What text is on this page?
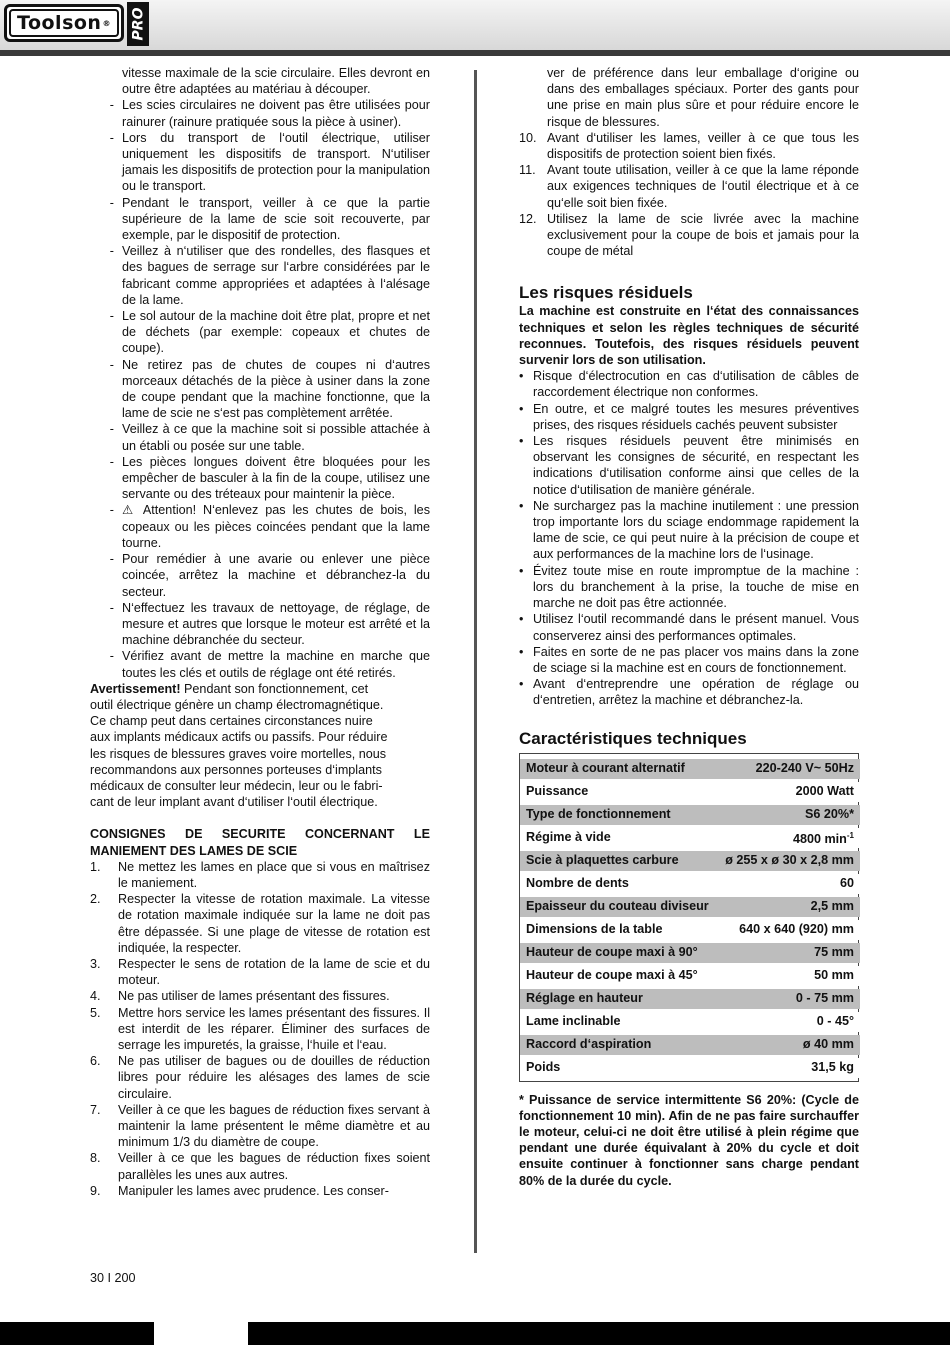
Toolson ® PRO
vitesse maximale de la scie circulaire. Elles devront en outre être adaptées au matériau à découper.
- Les scies circulaires ne doivent pas être utilisées pour rainurer (rainure pratiquée sous la pièce à usiner).
- Lors du transport de l‘outil électrique, utiliser uniquement les dispositifs de transport. N‘utiliser jamais les dispositifs de protection pour la manipulation ou le transport.
- Pendant le transport, veiller à ce que la partie supérieure de la lame de scie soit recouverte, par exemple, par le dispositif de protection.
- Veillez à n‘utiliser que des rondelles, des flasques et des bagues de serrage sur l‘arbre considérées par le fabricant comme appropriées et adaptées à l‘alésage de la lame.
- Le sol autour de la machine doit être plat, propre et net de déchets (par exemple: copeaux et chutes de coupe).
- Ne retirez pas de chutes de coupes ni d‘autres morceaux détachés de la pièce à usiner dans la zone de coupe pendant que la machine fonctionne, que la lame de scie ne s‘est pas complètement arrêtée.
- Veillez à ce que la machine soit si possible attachée à un établi ou posée sur une table.
- Les pièces longues doivent être bloquées pour les empêcher de basculer à la fin de la coupe, utilisez une servante ou des tréteaux pour maintenir la pièce.
- ⚠ Attention! N‘enlevez pas les chutes de bois, les copeaux ou les pièces coincées pendant que la lame tourne.
- Pour remédier à une avarie ou enlever une pièce coincée, arrêtez la machine et débranchez-la du secteur.
- N‘effectuez les travaux de nettoyage, de réglage, de mesure et autres que lorsque le moteur est arrêté et la machine débranchée du secteur.
- Vérifiez avant de mettre la machine en marche que toutes les clés et outils de réglage ont été retirés.

Avertissement! Pendant son fonctionnement, cet
outil électrique génère un champ électromagnétique.
Ce champ peut dans certaines circonstances nuire
aux implants médicaux actifs ou passifs. Pour réduire
les risques de blessures graves voire mortelles, nous
recommandons aux personnes porteuses d‘implants
médicaux de consulter leur médecin, leur ou le fabri-
cant de leur implant avant d‘utiliser l‘outil électrique.

CONSIGNES DE SECURITE CONCERNANT LE MANIEMENT DES LAMES DE SCIE

1.	Ne mettez les lames en place que si vous en maîtrisez le maniement.
2.	Respecter la vitesse de rotation maximale. La vitesse de rotation maximale indiquée sur la lame ne doit pas être dépassée. Si une plage de vitesse de rotation est indiquée, la respecter.
3.	Respecter le sens de rotation de la lame de scie et du moteur.
4.	Ne pas utiliser de lames présentant des fissures.
5.	Mettre hors service les lames présentant des fissures. Il est interdit de les réparer. Éliminer des surfaces de serrage les impuretés, la graisse, l‘huile et l‘eau.
6.	Ne pas utiliser de bagues ou de douilles de réduction libres pour réduire les alésages des lames de scie circulaire.
7.	Veiller à ce que les bagues de réduction fixes servant à maintenir la lame présentent le même diamètre et au minimum 1/3 du diamètre de coupe.
8.	Veiller à ce que les bagues de réduction fixes soient parallèles les unes aux autres.
9.	Manipuler les lames avec prudence. Les conser-

ver de préférence dans leur emballage d‘origine ou dans des emballages spéciaux. Porter des gants pour une prise en main plus sûre et pour réduire encore le risque de blessures.

10. Avant d‘utiliser les lames, veiller à ce que tous les dispositifs de protection soient bien fixés.
11. Avant toute utilisation, veiller à ce que la lame réponde aux exigences techniques de l‘outil électrique et à ce qu‘elle soit bien fixée.
12. Utilisez la lame de scie livrée avec la machine exclusivement pour la coupe de bois et jamais pour la coupe de métal
Les risques résiduels

La machine est construite en l‘état des connaissances techniques et selon les règles techniques de sécurité reconnues. Toutefois, des risques résiduels peuvent survenir lors de son utilisation.

• Risque d‘électrocution en cas d‘utilisation de câbles de raccordement électrique non conformes.
• En outre, et ce malgré toutes les mesures préventives prises, des risques résiduels cachés peuvent subsister
• Les risques résiduels peuvent être minimisés en observant les consignes de sécurité, en respectant les indications d‘utilisation conforme ainsi que celles de la notice d‘utilisation de manière générale.
• Ne surchargez pas la machine inutilement : une pression trop importante lors du sciage endommage rapidement la lame de scie, ce qui peut nuire à la précision de coupe et aux performances de la machine lors de l‘usinage.
• Évitez toute mise en route impromptue de la machine : lors du branchement à la prise, la touche de mise en marche ne doit pas être actionnée.
• Utilisez l‘outil recommandé dans le présent manuel. Vous conserverez ainsi des performances optimales.
• Faites en sorte de ne pas placer vos mains dans la zone de sciage si la machine est en cours de fonctionnement.
• Avant d‘entreprendre une opération de réglage ou d‘entretien, arrêtez la machine et débranchez-la.
Caractéristiques techniques
Moteur à courant alternatif	220-240 V~ 50Hz
Puissance	2000 Watt
Type de fonctionnement	S6 20%*
Régime à vide	4800 $\min^{-1}$
Scie à plaquettes carbure	ø 255 x ø 30 x 2,8 mm
Nombre de dents	60
Epaisseur du couteau diviseur	2,5 mm
Dimensions de la table	640 x 640 (920) mm
Hauteur de coupe maxi à 90°	75 mm
Hauteur de coupe maxi à 45°	50 mm
Réglage en hauteur	0 - 75 mm
Lame inclinable	0 - 45°
Raccord d‘aspiration	ø 40 mm
Poids	31,5 kg

* Puissance de service intermittente S6 20%: (Cycle de fonctionnement 10 min). Afin de ne pas faire surchauffer le moteur, celui-ci ne doit être utilisé à plein régime que pendant une durée équivalant à 20% du cycle et doit ensuite continuer à fonctionner sans charge pendant 80% de la durée du cycle.

30 I 200
